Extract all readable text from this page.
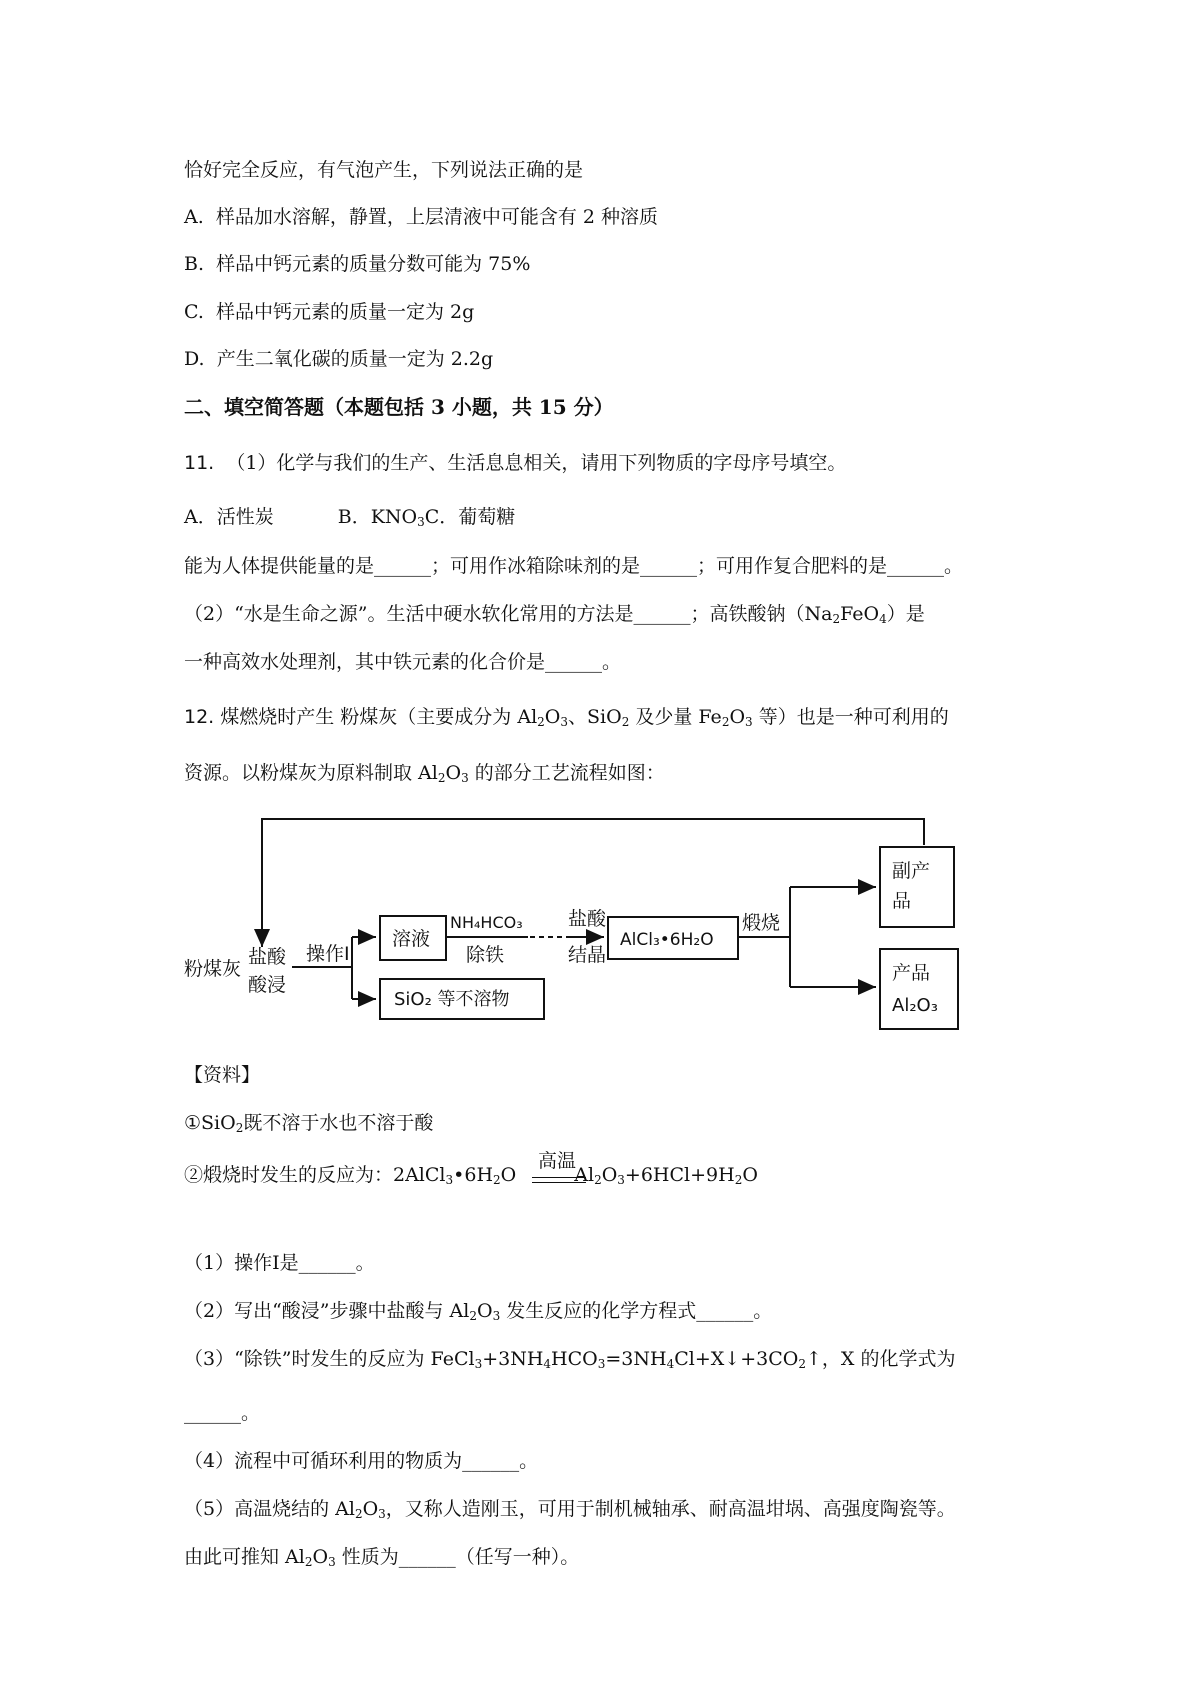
恰好完全反应，有气泡产生，下列说法正确的是
A. 样品加水溶解，静置，上层清液中可能含有 2 种溶质
B. 样品中钙元素的质量分数可能为 75%
C. 样品中钙元素的质量一定为 2g
D. 产生二氧化碳的质量一定为 2.2g
二、填空简答题（本题包括 3 小题，共 15 分）
11. （1）化学与我们的生产、生活息息相关，请用下列物质的字母序号填空。
A．活性炭	B．$KNO_3C$．葡萄糖
能为人体提供能量的是______；可用作冰箱除味剂的是______；可用作复合肥料的是______。
（2）“水是生命之源”。生活中硬水软化常用的方法是______；高铁酸钠$(Na_2FeO_4)$是
一种高效水处理剂，其中铁元素的化合价是______。
12. 煤燃烧时产生 粉煤灰（主要成分为 $Al_2O_3$、SiO$_2$ 及少量 $Fe_2O_3$ 等）也是一种可利用的
资源。以粉煤灰为原料制取 $Al_2O_3$ 的部分工艺流程如图：
副产
品
粉煤灰
盐酸
酸浸
操作I
溶液
SiO₂ 等不溶物
NH₄HCO₃
除铁
盐酸
结晶
AlCl₃•6H₂O
煅烧
产品
Al₂O₃
【资料】
①SiO$_2$既不溶于水也不溶于酸
②煅烧时发生的反应为：$2AlCl_3•6H_2O$	$Al_2O_3+6HCl+9H_2O$
高温
（1）操作Ⅰ是______。
（2）写出“酸浸”步骤中盐酸与 $Al_2O_3$ 发生反应的化学方程式______。
（3）“除铁”时发生的反应为 $FeCl_3+3NH_4HCO_3=3NH_4Cl+X↓+3CO_2↑$，X 的化学式为
______。
（4）流程中可循环利用的物质为______。
（5）高温烧结的 $Al_2O_3$，又称人造刚玉，可用于制机械轴承、耐高温坩埚、高强度陶瓷等。
由此可推知 $Al_2O_3$ 性质为______（任写一种）。
